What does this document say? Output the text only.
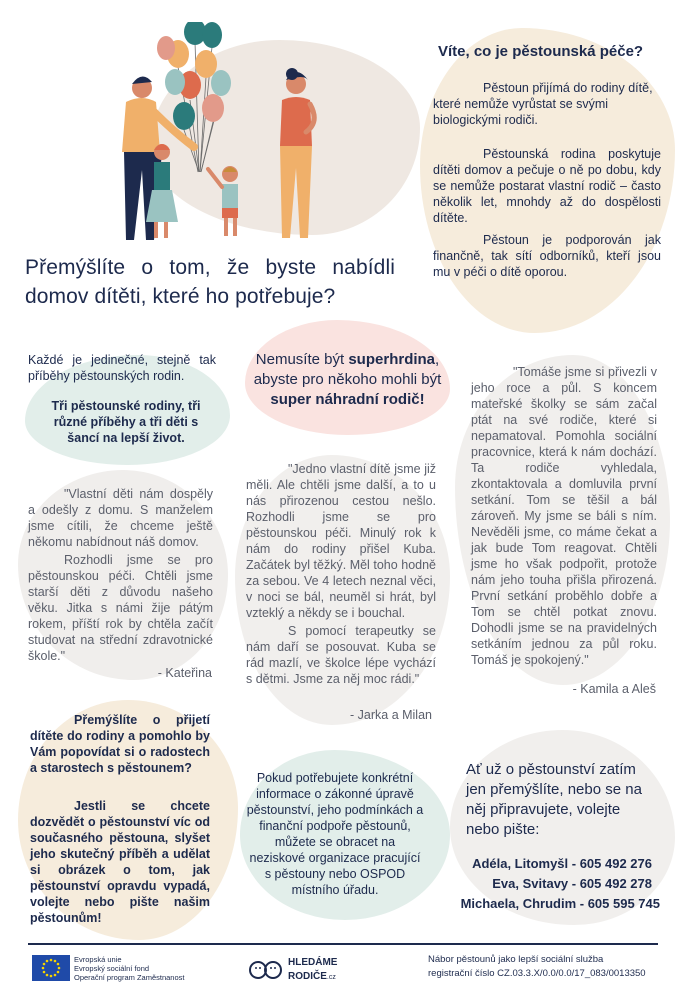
Přemýšlíte o tom, že byste nabídli domov dítěti, které ho potřebuje?
Víte, co je pěstounská péče?

Pěstoun přijímá do rodiny dítě, které nemůže vyrůstat se svými biologickými rodiči.

Pěstounská rodina poskytuje dítěti domov a pečuje o ně po dobu, kdy se nemůže postarat vlastní rodič – často několik let, mnohdy až do dospělosti dítěte.

Pěstoun je podporován jak finančně, tak sítí odborníků, kteří jsou mu v péči o dítě oporou.

Každé je jedinečné, stejně tak příběhy pěstounských rodin.
Tři pěstounské rodiny, tři různé příběhy a tři děti s šancí na lepší život.
Nemusíte být superhrdina, abyste pro někoho mohli být super náhradní rodič!

"Vlastní děti nám dospěly a odešly z domu. S manželem jsme cítili, že chceme ještě někomu nabídnout náš domov.

Rozhodli jsme se pro pěstounskou péči. Chtěli jsme starší děti z důvodu našeho věku. Jitka s námi žije pátým rokem, příští rok by chtěla začít studovat na střední zdravotnické škole."

- Kateřina

"Jedno vlastní dítě jsme již měli. Ale chtěli jsme další, a to u nás přirozenou cestou nešlo. Rozhodli jsme se pro pěstounskou péči. Minulý rok k nám do rodiny přišel Kuba. Začátek byl těžký. Měl toho hodně za sebou. Ve 4 letech neznal věci, v noci se bál, neuměl si hrát, byl vzteklý a někdy se i bouchal.

S pomocí terapeutky se nám daří se posouvat. Kuba se rád mazlí, ve školce lépe vychází s dětmi. Jsme za něj moc rádi."

- Jarka a Milan

"Tomáše jsme si přivezli v jeho roce a půl. S koncem mateřské školky se sám začal ptát na své rodiče, které si nepamatoval. Pomohla sociální pracovnice, která k nám dochází. Ta rodiče vyhledala, zkontaktovala a domluvila první setkání. Tom se těšil a bál zároveň. My jsme se báli s ním. Nevěděli jsme, co máme čekat a jak bude Tom reagovat. Chtěli jsme ho však podpořit, protože nám jeho touha přišla přirozená. První setkání proběhlo dobře a Tom se chtěl potkat znovu. Dohodli jsme se na pravidelných setkáním jednou za půl roku. Tomáš je spokojený."

- Kamila a Aleš
Přemýšlíte o přijetí dítěte do rodiny a pomohlo by Vám popovídat si o radostech a starostech s pěstounem?
Jestli se chcete dozvědět o pěstounství víc od současného pěstouna, slyšet jeho skutečný příběh a udělat si obrázek o tom, jak pěstounství opravdu vypadá, volejte nebo pište našim pěstounům!
Pokud potřebujete konkrétní informace o zákonné úpravě pěstounství, jeho podmínkách a finanční podpoře pěstounů, můžete se obracet na neziskové organizace pracující s pěstouny nebo OSPOD místního úřadu.
Ať už o pěstounství zatím jen přemýšlíte, nebo se na něj připravujete, volejte nebo pište:
Adéla, Litomyšl - 605 492 276
Eva, Svitavy - 605 492 278
Michaela, Chrudim - 605 595 745
Evropská unie
Evropský sociální fond
Operační program Zaměstnanost
HLEDÁME
RODIČE.cz
Nábor pěstounů jako lepší sociální služba
registrační číslo CZ.03.3.X/0.0/0.0/17_083/0013350
